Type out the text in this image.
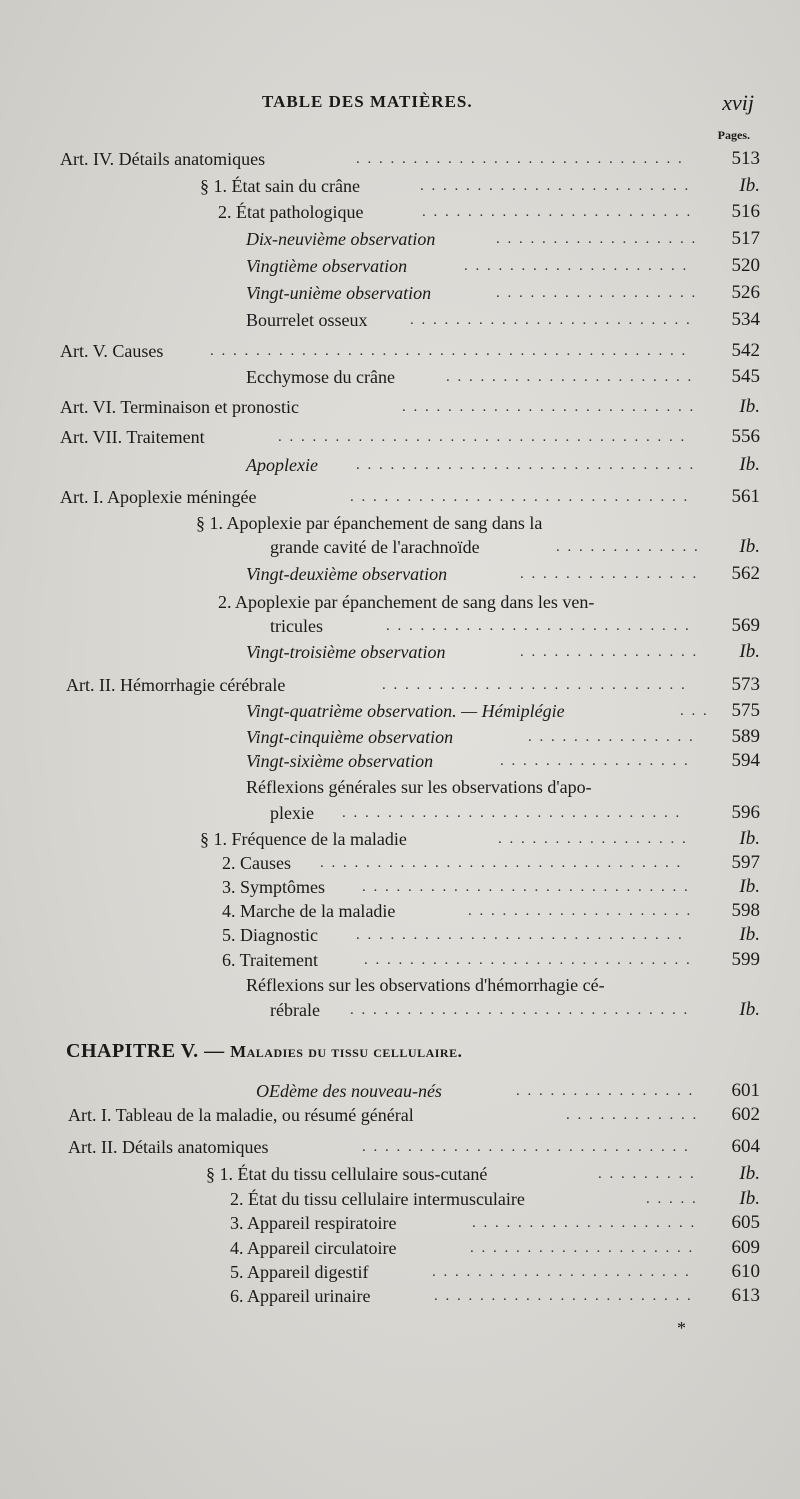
TABLE DES MATIÈRES.	xvij
Pages.
Art. IV. Détails anatomiques	. . . . . . . . . . . . . . . . . . . . . . . . . . . . .	513
§ 1. État sain du crâne	. . . . . . . . . . . . . . . . . . . . . . . .	Ib.
2. État pathologique	. . . . . . . . . . . . . . . . . . . . . . . .	516
Dix-neuvième observation	. . . . . . . . . . . . . . . . . .	517
Vingtième observation	. . . . . . . . . . . . . . . . . . . .	520
Vingt-unième observation	. . . . . . . . . . . . . . . . . .	526
Bourrelet osseux	. . . . . . . . . . . . . . . . . . . . . . . . .	534
Art. V. Causes	. . . . . . . . . . . . . . . . . . . . . . . . . . . . . . . . . . . . . . . . . .	542
Ecchymose du crâne	. . . . . . . . . . . . . . . . . . . . . .	545
Art. VI. Terminaison et pronostic	. . . . . . . . . . . . . . . . . . . . . . . . . .	Ib.
Art. VII. Traitement	. . . . . . . . . . . . . . . . . . . . . . . . . . . . . . . . . . . .	556
Apoplexie	. . . . . . . . . . . . . . . . . . . . . . . . . . . . . .	Ib.
Art. I. Apoplexie méningée	. . . . . . . . . . . . . . . . . . . . . . . . . . . . . .	561
§ 1. Apoplexie par épanchement de sang dans la
grande cavité de l'arachnoïde	. . . . . . . . . . . . .	Ib.
Vingt-deuxième observation	. . . . . . . . . . . . . . . .	562
2. Apoplexie par épanchement de sang dans les ven-
tricules	. . . . . . . . . . . . . . . . . . . . . . . . . . .	569
Vingt-troisième observation	. . . . . . . . . . . . . . . .	Ib.
Art. II. Hémorrhagie cérébrale	. . . . . . . . . . . . . . . . . . . . . . . . . . .	573
Vingt-quatrième observation. — Hémiplégie	. . . 575
Vingt-cinquième observation	. . . . . . . . . . . . . . .	589
Vingt-sixième observation	. . . . . . . . . . . . . . . . .	594
Réflexions générales sur les observations d'apo-
plexie . . . . . . . . . . . . . . . . . . . . . . . . . . . . . .	596
§ 1. Fréquence de la maladie	. . . . . . . . . . . . . . . . .	Ib.
2. Causes . . . . . . . . . . . . . . . . . . . . . . . . . . . . . . . .	597
3. Symptômes . . . . . . . . . . . . . . . . . . . . . . . . . . . . .	Ib.
4. Marche de la maladie	. . . . . . . . . . . . . . . . . . . .	598
5. Diagnostic	. . . . . . . . . . . . . . . . . . . . . . . . . . . . .	Ib.
6. Traitement	. . . . . . . . . . . . . . . . . . . . . . . . . . . . .	599
Réflexions sur les observations d'hémorrhagie cé-
rébrale . . . . . . . . . . . . . . . . . . . . . . . . . . . . . .	Ib.
CHAPITRE V. — Maladies du tissu cellulaire.
OEdème des nouveau-nés	. . . . . . . . . . . . . . . .	601
Art. I. Tableau de la maladie, ou résumé général	. . . . . . . . . . . .	602
Art. II. Détails anatomiques	. . . . . . . . . . . . . . . . . . . . . . . . . . . . .	604
§ 1. État du tissu cellulaire sous-cutané	. . . . . . . . .	Ib.
2. État du tissu cellulaire intermusculaire	. . . . .	Ib.
3. Appareil respiratoire	. . . . . . . . . . . . . . . . . . . .	605
4. Appareil circulatoire	. . . . . . . . . . . . . . . . . . . .	609
5. Appareil digestif	. . . . . . . . . . . . . . . . . . . . . . .	610
6. Appareil urinaire	. . . . . . . . . . . . . . . . . . . . . . .	613
*
